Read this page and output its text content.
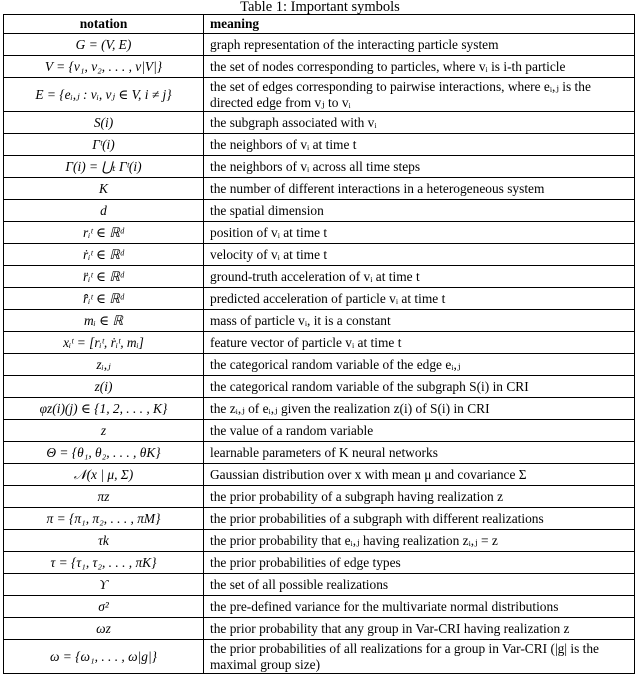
Table 1: Important symbols
notation	meaning
G = (V, E)	graph representation of the interacting particle system
V = {v₁, v₂, . . . , v|V|}	the set of nodes corresponding to particles, where vᵢ is i-th particle
E = {eᵢ,ⱼ : vᵢ, vⱼ ∈ V, i ≠ j}	the set of edges corresponding to pairwise interactions, where eᵢ,ⱼ is the directed edge from vⱼ to vᵢ
S(i)	the subgraph associated with vᵢ
Γᵗ(i)	the neighbors of vᵢ at time t
Γ(i) = ⋃ₜ Γᵗ(i)	the neighbors of vᵢ across all time steps
K	the number of different interactions in a heterogeneous system
d	the spatial dimension
rᵢᵗ ∈ ℝᵈ	position of vᵢ at time t
ṙᵢᵗ ∈ ℝᵈ	velocity of vᵢ at time t
r̈ᵢᵗ ∈ ℝᵈ	ground-truth acceleration of vᵢ at time t
r̂̈ᵢᵗ ∈ ℝᵈ	predicted acceleration of particle vᵢ at time t
mᵢ ∈ ℝ	mass of particle vᵢ, it is a constant
xᵢᵗ = [rᵢᵗ, ṙᵢᵗ, mᵢ]	feature vector of particle vᵢ at time t
zᵢ,ⱼ	the categorical random variable of the edge eᵢ,ⱼ
z(i)	the categorical random variable of the subgraph S(i) in CRI
φz(i)(j) ∈ {1, 2, . . . , K}	the zᵢ,ⱼ of eᵢ,ⱼ given the realization z(i) of S(i) in CRI
z	the value of a random variable
Θ = {θ₁, θ₂, . . . , θK}	learnable parameters of K neural networks
𝒩(x | μ, Σ)	Gaussian distribution over x with mean μ and covariance Σ
πz	the prior probability of a subgraph having realization z
π = {π₁, π₂, . . . , πM}	the prior probabilities of a subgraph with different realizations
τk	the prior probability that eᵢ,ⱼ having realization zᵢ,ⱼ = z
τ = {τ₁, τ₂, . . . , πK}	the prior probabilities of edge types
ϒ	the set of all possible realizations
σ²	the pre-defined variance for the multivariate normal distributions
ωz	the prior probability that any group in Var-CRI having realization z
ω = {ω₁, . . . , ω|g|}	the prior probabilities of all realizations for a group in Var-CRI (|g| is the maximal group size)
